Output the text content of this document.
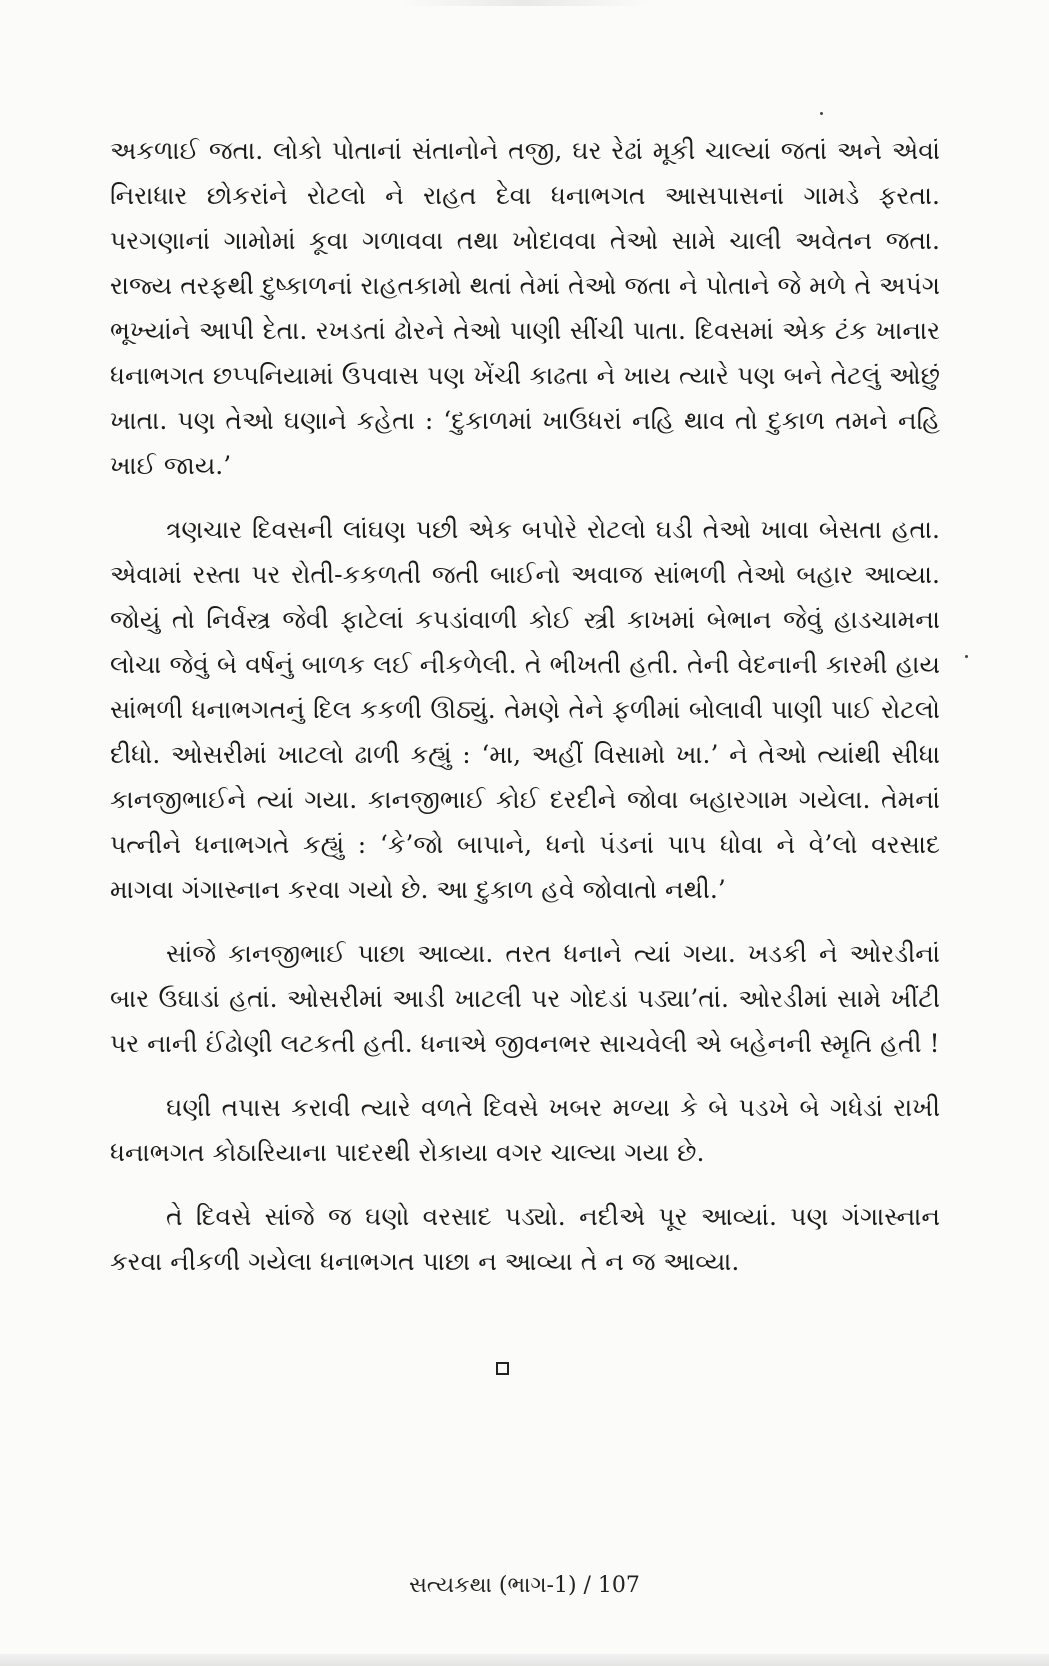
અકળાઈ જતા. લોકો પોતાનાં સંતાનોને તજી, ઘર રેઢાં મૂકી ચાલ્યાં જતાં અને એવાં નિરાધાર છોકરાંને રોટલો ને રાહત દેવા ધનાભગત આસપાસનાં ગામડે ફરતા. પરગણાનાં ગામોમાં કૂવા ગળાવવા તથા ખોદાવવા તેઓ સામે ચાલી અવેતન જતા. રાજ્ય તરફથી દુષ્કાળનાં રાહતકામો થતાં તેમાં તેઓ જતા ને પોતાને જે મળે તે અપંગ ભૂખ્યાંને આપી દેતા. રખડતાં ઢોરને તેઓ પાણી સીંચી પાતા. દિવસમાં એક ટંક ખાનાર ધનાભગત છપ્પનિયામાં ઉપવાસ પણ ખેંચી કાઢતા ને ખાય ત્યારે પણ બને તેટલું ઓછું ખાતા. પણ તેઓ ઘણાને કહેતા : ‘દુકાળમાં ખાઉધરાં નહિ થાવ તો દુકાળ તમને નહિ ખાઈ જાય.’

ત્રણચાર દિવસની લાંઘણ પછી એક બપોરે રોટલો ઘડી તેઓ ખાવા બેસતા હતા. એવામાં રસ્તા પર રોતી-કકળતી જતી બાઈનો અવાજ સાંભળી તેઓ બહાર આવ્યા. જોયું તો નિર્વસ્ત્ર જેવી ફાટેલાં કપડાંવાળી કોઈ સ્ત્રી કાખમાં બેભાન જેવું હાડચામના લોચા જેવું બે વર્ષનું બાળક લઈ નીકળેલી. તે ભીખતી હતી. તેની વેદનાની કારમી હાય સાંભળી ધનાભગતનું દિલ કકળી ઊઠ્યું. તેમણે તેને ફળીમાં બોલાવી પાણી પાઈ રોટલો દીધો. ઓસરીમાં ખાટલો ઢાળી કહ્યું : ‘મા, અહીં વિસામો ખા.’ ને તેઓ ત્યાંથી સીધા કાનજીભાઈને ત્યાં ગયા. કાનજીભાઈ કોઈ દરદીને જોવા બહારગામ ગયેલા. તેમનાં પત્નીને ધનાભગતે કહ્યું : ‘કે’જો બાપાને, ધનો પંડનાં પાપ ધોવા ને વે’લો વરસાદ માગવા ગંગાસ્નાન કરવા ગયો છે. આ દુકાળ હવે જોવાતો નથી.’

સાંજે કાનજીભાઈ પાછા આવ્યા. તરત ધનાને ત્યાં ગયા. ખડકી ને ઓરડીનાં બાર ઉઘાડાં હતાં. ઓસરીમાં આડી ખાટલી પર ગોદડાં પડ્યા’તાં. ઓરડીમાં સામે ખીંટી પર નાની ઈંઢોણી લટકતી હતી. ધનાએ જીવનભર સાચવેલી એ બહેનની સ્મૃતિ હતી !

ઘણી તપાસ કરાવી ત્યારે વળતે દિવસે ખબર મળ્યા કે બે પડખે બે ગધેડાં રાખી ધનાભગત કોઠારિયાના પાદરથી રોકાયા વગર ચાલ્યા ગયા છે.

તે દિવસે સાંજે જ ઘણો વરસાદ પડ્યો. નદીએ પૂર આવ્યાં. પણ ગંગાસ્નાન કરવા નીકળી ગયેલા ધનાભગત પાછા ન આવ્યા તે ન જ આવ્યા.

સત્યકથા (ભાગ-1) / 107
